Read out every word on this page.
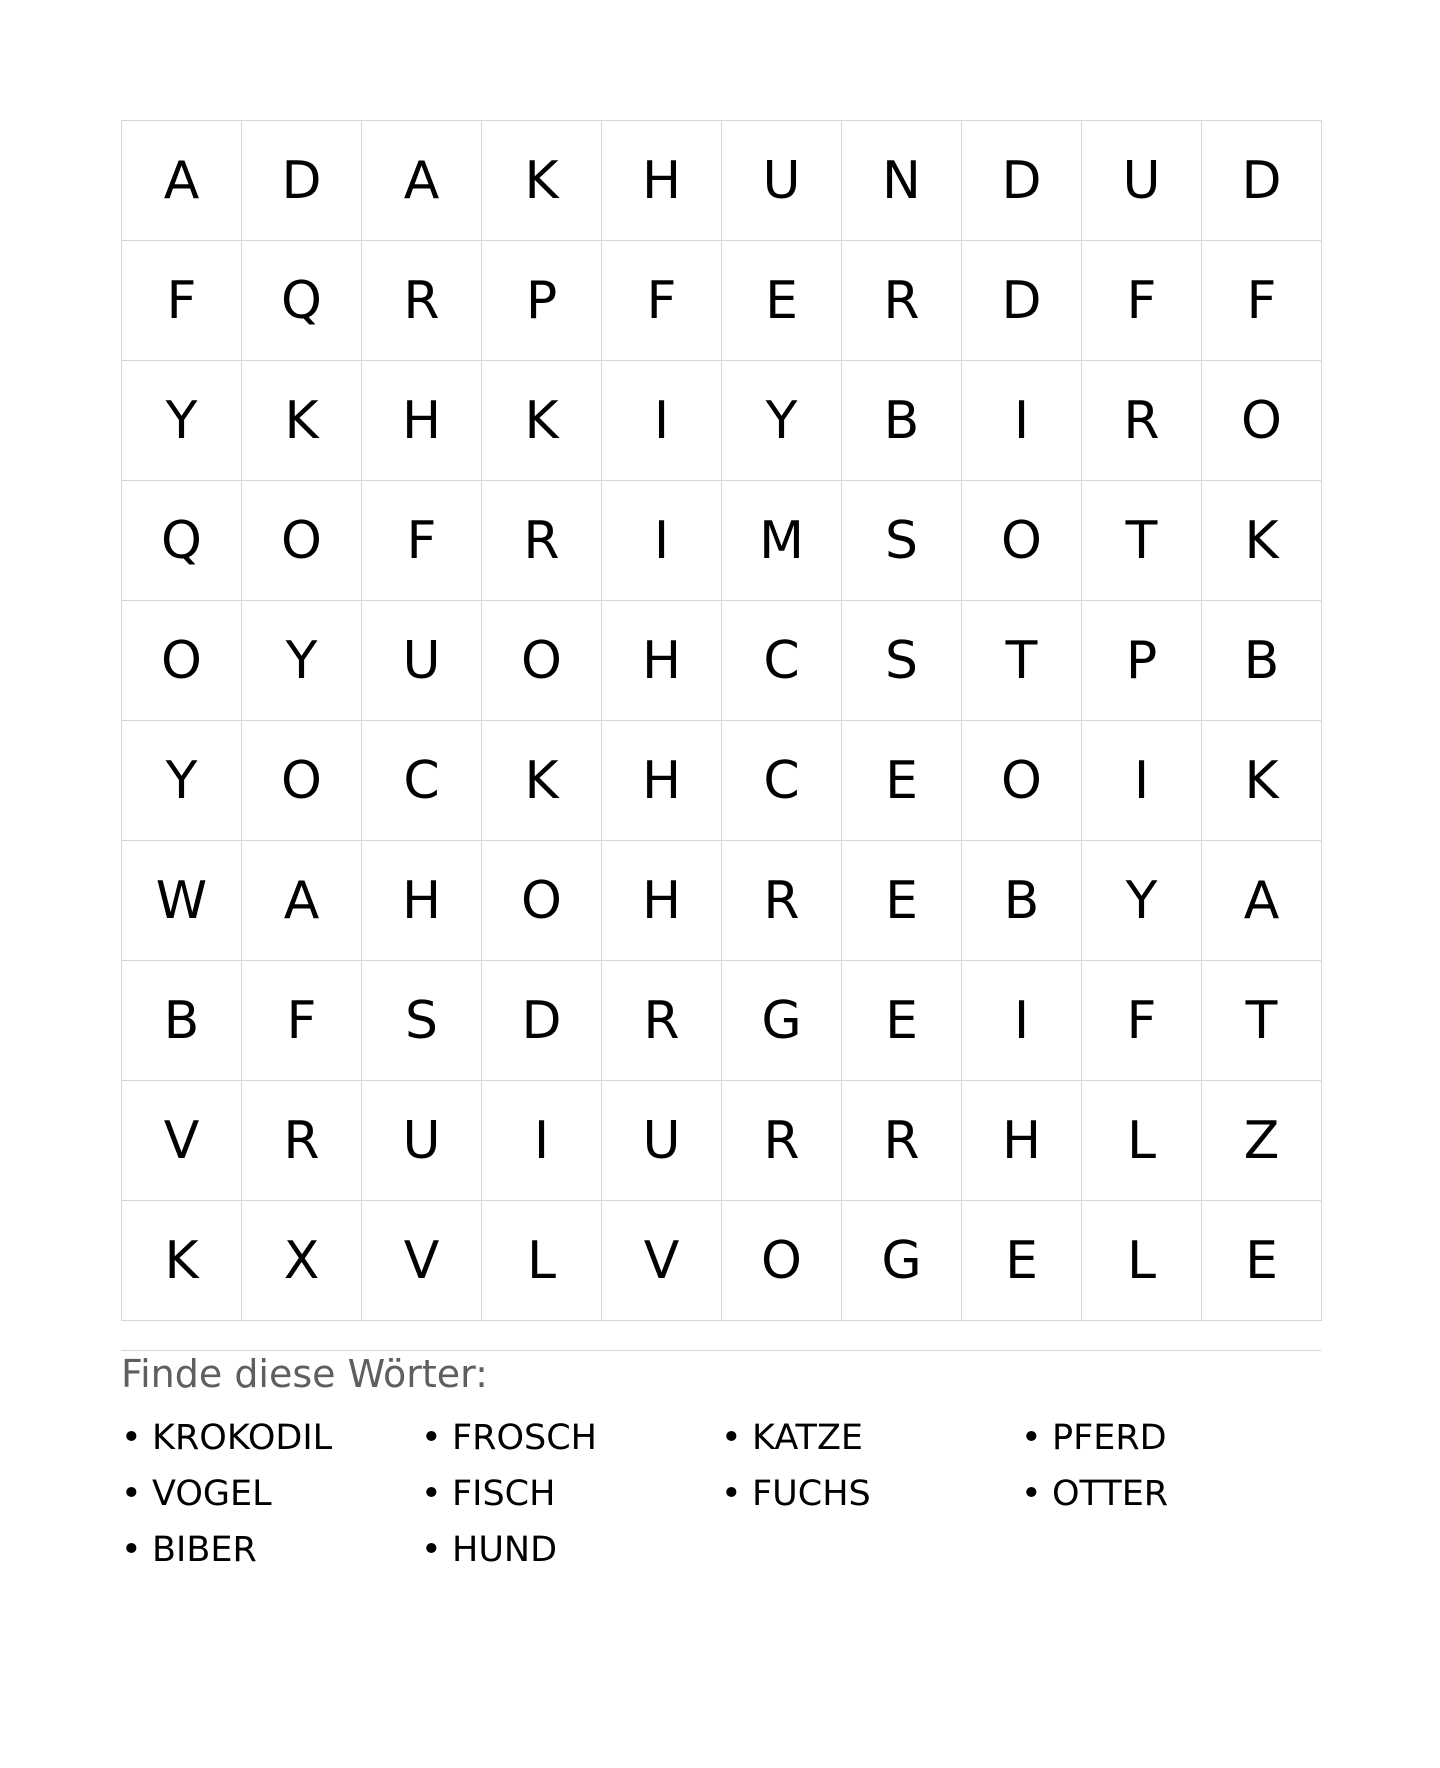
A	D	A	K	H	U	N	D	U	D
F	Q	R	P	F	E	R	D	F	F
Y	K	H	K	I	Y	B	I	R	O
Q	O	F	R	I	M	S	O	T	K
O	Y	U	O	H	C	S	T	P	B
Y	O	C	K	H	C	E	O	I	K
W	A	H	O	H	R	E	B	Y	A
B	F	S	D	R	G	E	I	F	T
V	R	U	I	U	R	R	H	L	Z
K	X	V	L	V	O	G	E	L	E
Finde diese Wörter:
• KROKODIL	• FROSCH	• KATZE	• PFERD
• VOGEL	• FISCH	• FUCHS	• OTTER
• BIBER	• HUND
